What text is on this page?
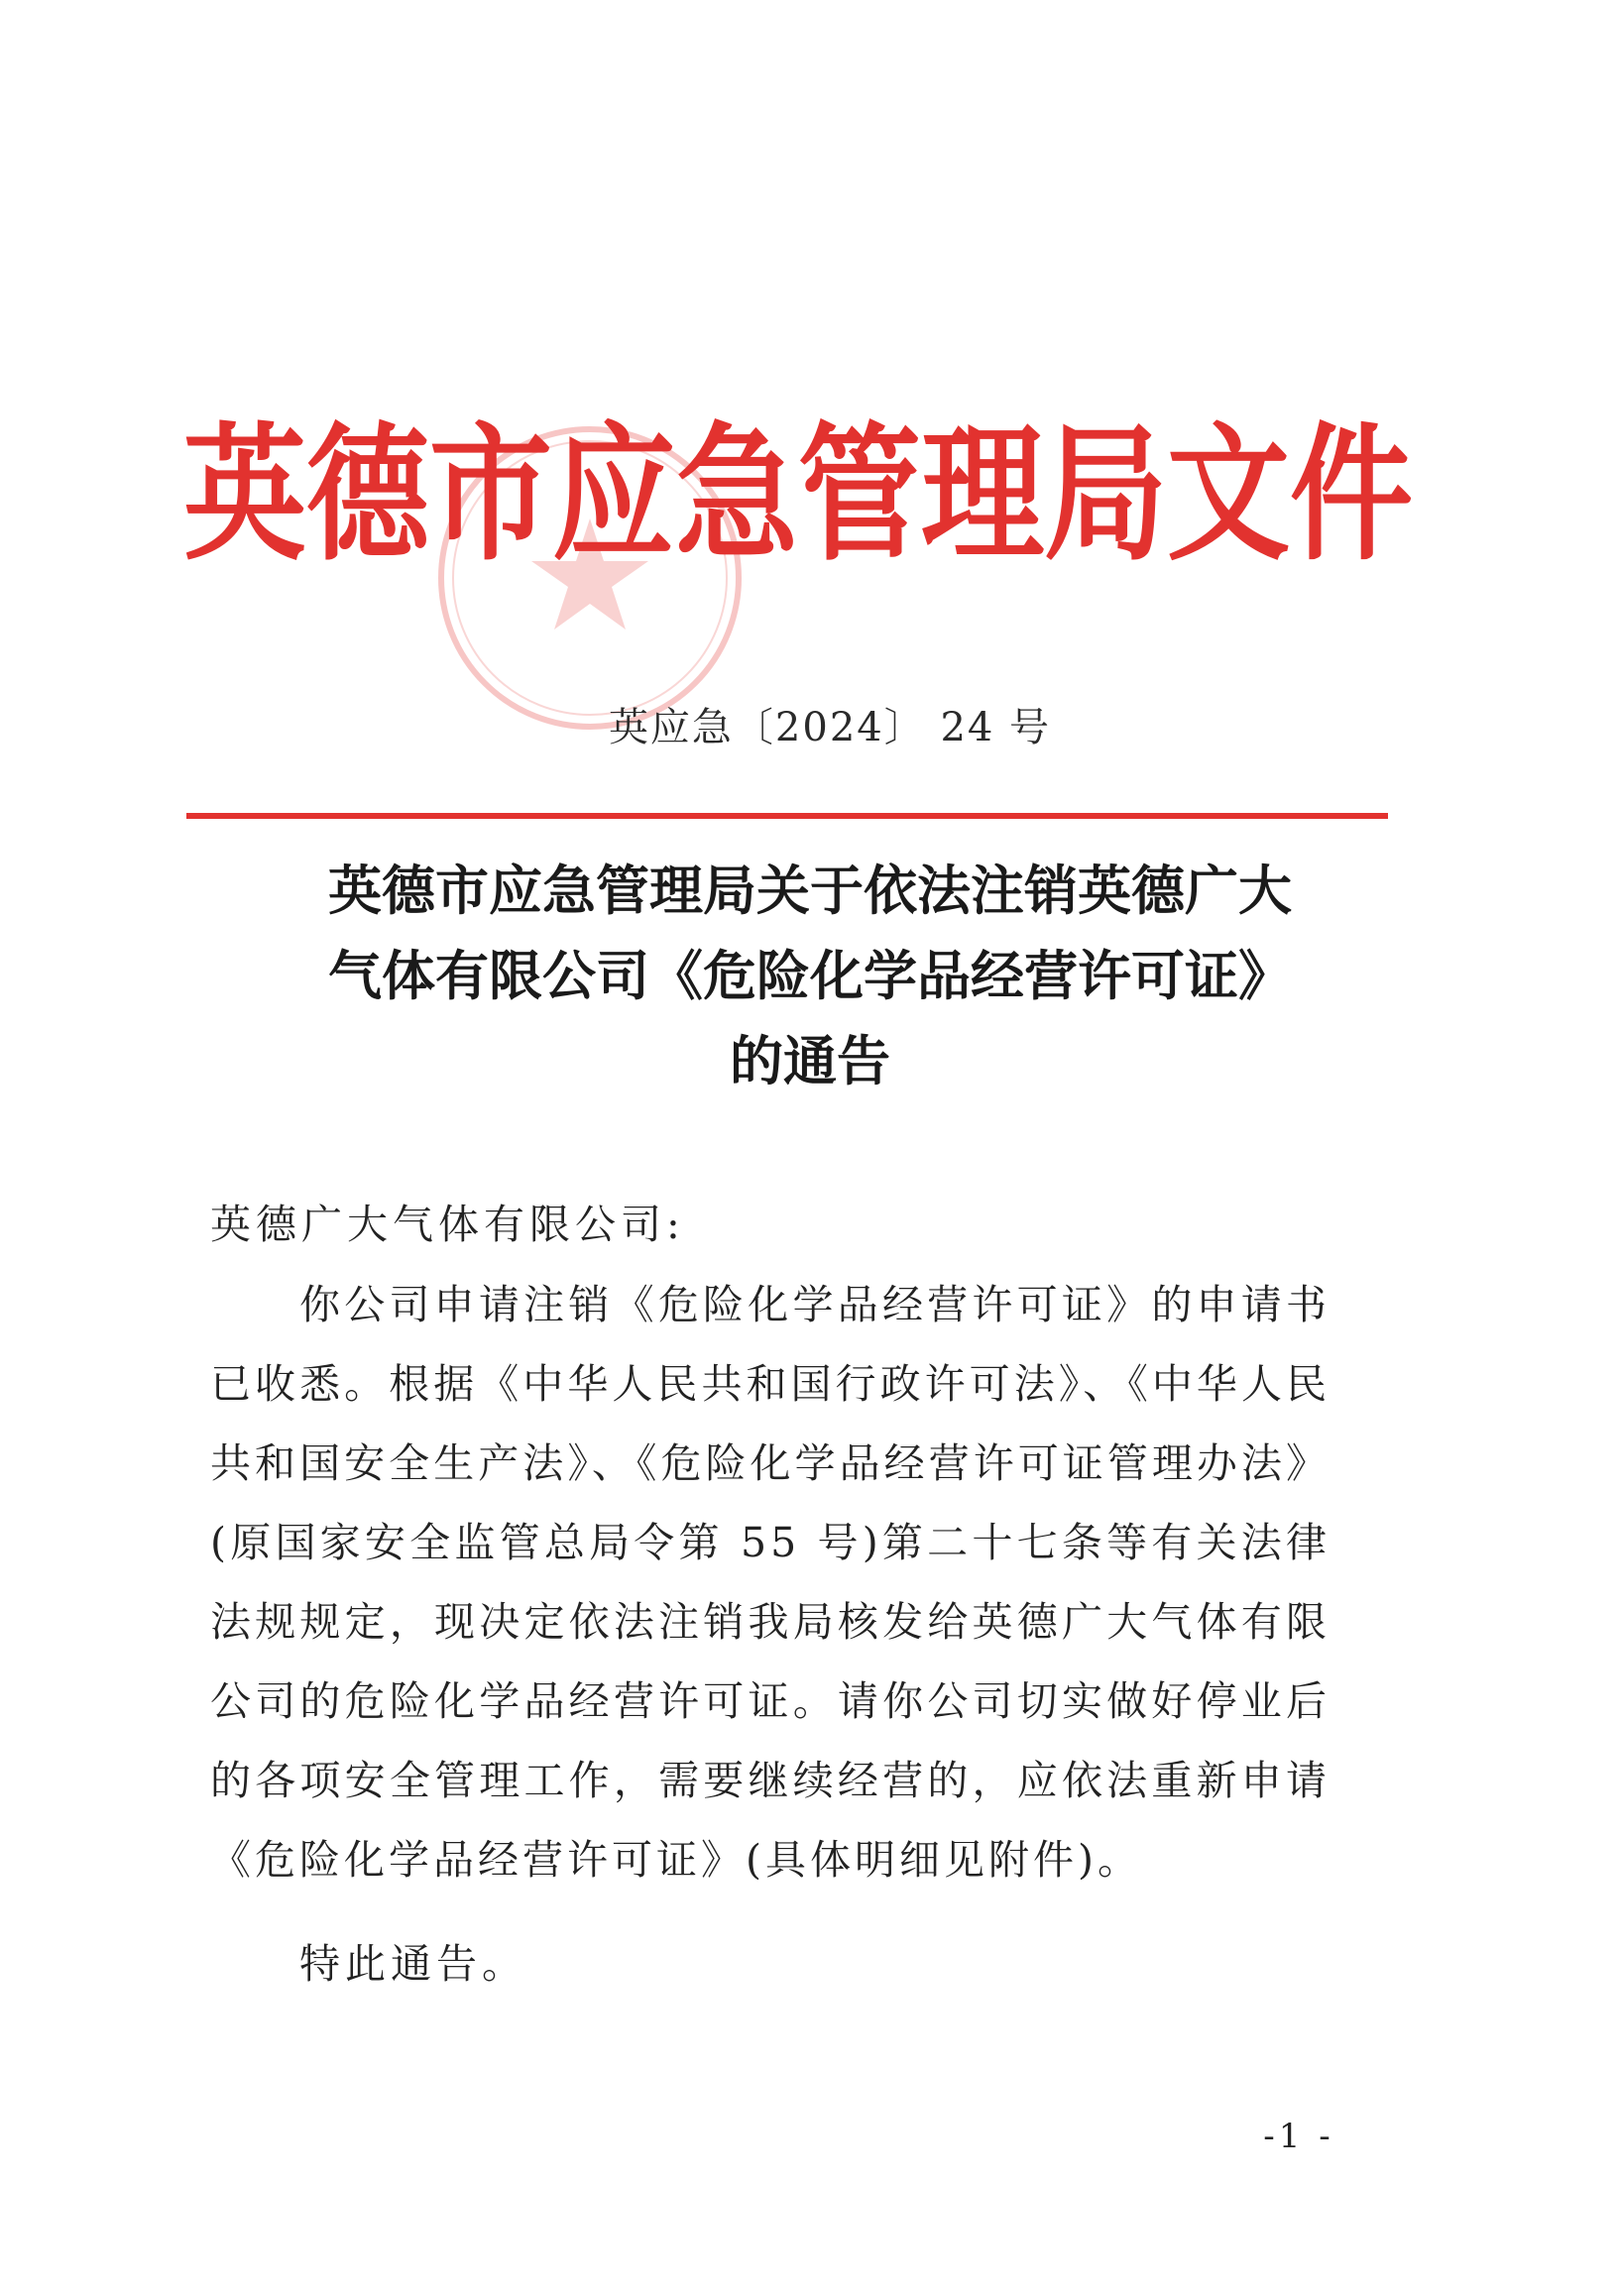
英德市应急管理局文件
英应急〔2024〕 24 号
英德市应急管理局关于依法注销英德广大
气体有限公司《危险化学品经营许可证》
的通告
英德广大气体有限公司:
你公司申请注销《危险化学品经营许可证》的申请书已收悉。根据《中华人民共和国行政许可法》、《中华人民共和国安全生产法》、《危险化学品经营许可证管理办法》(原国家安全监管总局令第 55 号)第二十七条等有关法律法规规定，现决定依法注销我局核发给英德广大气体有限公司的危险化学品经营许可证。请你公司切实做好停业后的各项安全管理工作，需要继续经营的，应依法重新申请《危险化学品经营许可证》(具体明细见附件)。
特此通告。
-1 -
